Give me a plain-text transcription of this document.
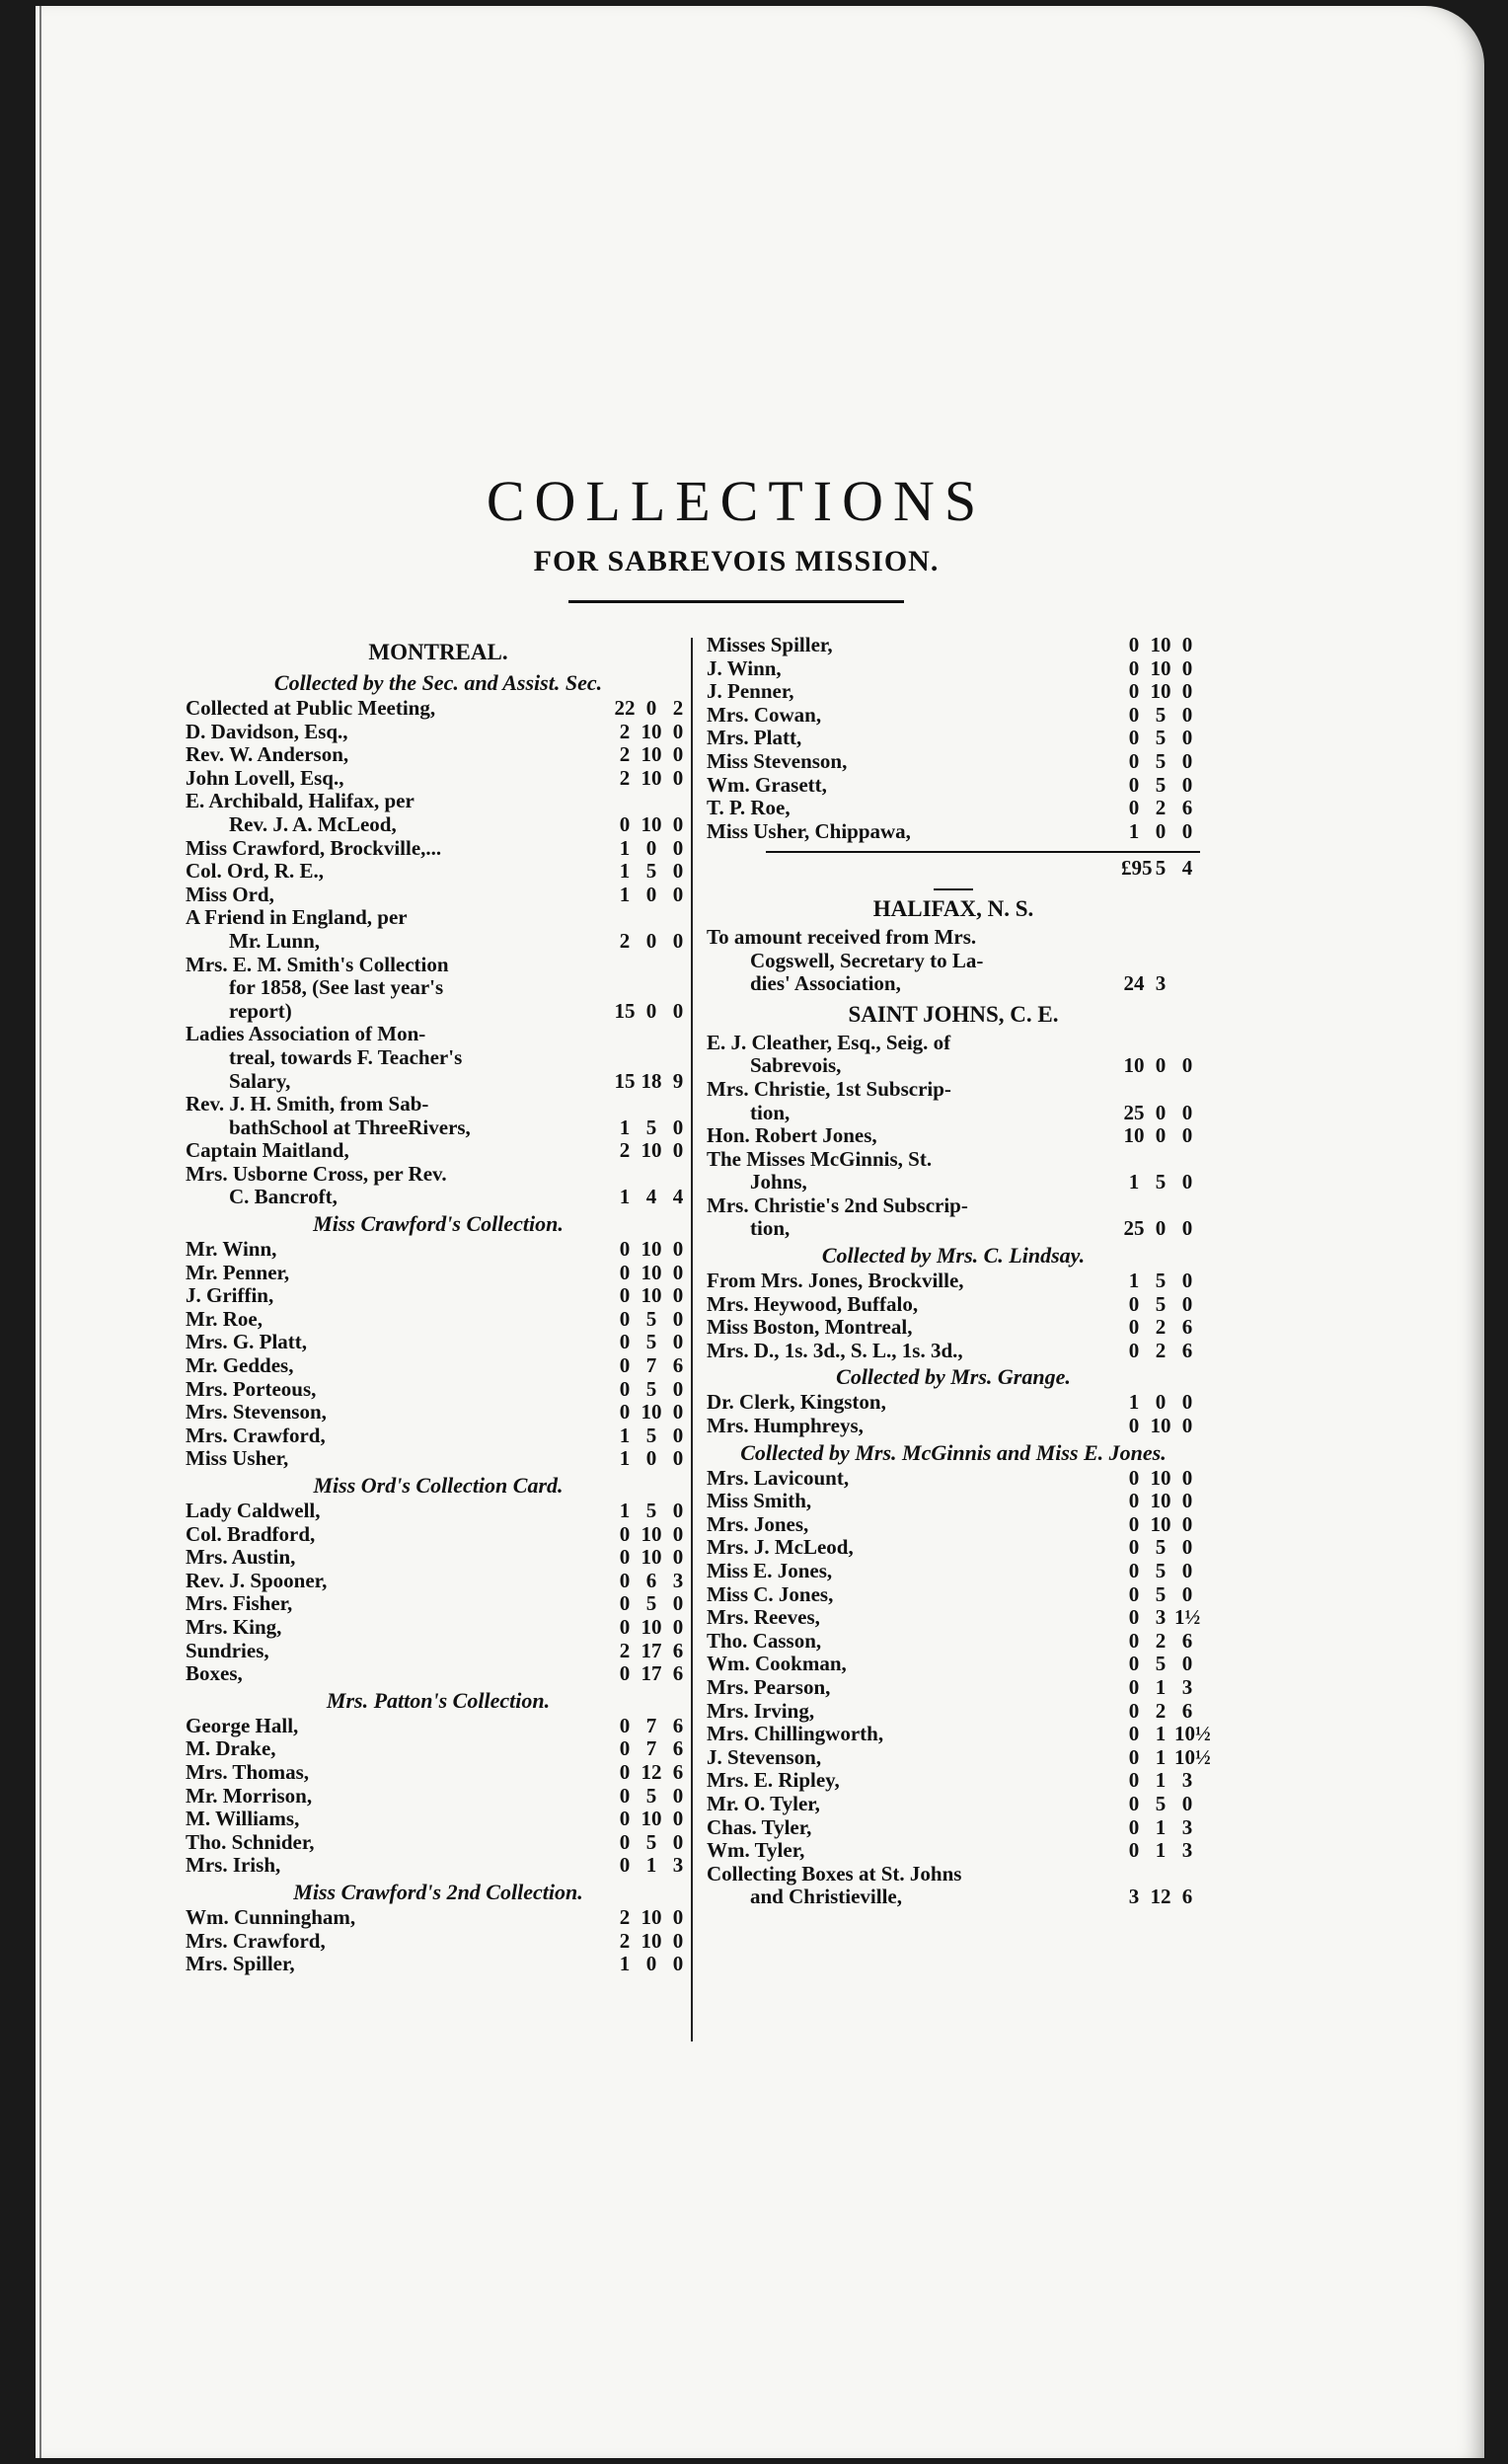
COLLECTIONS
FOR SABREVOIS MISSION.
MONTREAL.
Collected by the Sec. and Assist. Sec.
Collected at Public Meeting,	22 0 2
D. Davidson, Esq.,	2 10 0
Rev. W. Anderson,	2 10 0
John Lovell, Esq.,	2 10 0
E. Archibald, Halifax, per
Rev. J. A. McLeod,	0 10 0
Miss Crawford, Brockville,...	1 0 0
Col. Ord, R. E.,	1 5 0
Miss Ord,	1 0 0
A Friend in England, per
Mr. Lunn,	2 0 0
Mrs. E. M. Smith's Collection
for 1858, (See last year's
report)	15 0 0
Ladies Association of Mon-
treal, towards F. Teacher's
Salary,	15 18 9
Rev. J. H. Smith, from Sab-
bathSchool at ThreeRivers,	1 5 0
Captain Maitland,	2 10 0
Mrs. Usborne Cross, per Rev.
C. Bancroft,	1 4 4
Miss Crawford's Collection.
Mr. Winn,	0 10 0
Mr. Penner,	0 10 0
J. Griffin,	0 10 0
Mr. Roe,	0 5 0
Mrs. G. Platt,	0 5 0
Mr. Geddes,	0 7 6
Mrs. Porteous,	0 5 0
Mrs. Stevenson,	0 10 0
Mrs. Crawford,	1 5 0
Miss Usher,	1 0 0
Miss Ord's Collection Card.
Lady Caldwell,	1 5 0
Col. Bradford,	0 10 0
Mrs. Austin,	0 10 0
Rev. J. Spooner,	0 6 3
Mrs. Fisher,	0 5 0
Mrs. King,	0 10 0
Sundries,	2 17 6
Boxes,	0 17 6
Mrs. Patton's Collection.
George Hall,	0 7 6
M. Drake,	0 7 6
Mrs. Thomas,	0 12 6
Mr. Morrison,	0 5 0
M. Williams,	0 10 0
Tho. Schnider,	0 5 0
Mrs. Irish,	0 1 3
Miss Crawford's 2nd Collection.
Wm. Cunningham,	2 10 0
Mrs. Crawford,	2 10 0
Mrs. Spiller,	1 0 0
Misses Spiller,	0 10 0
J. Winn,	0 10 0
J. Penner,	0 10 0
Mrs. Cowan,	0 5 0
Mrs. Platt,	0 5 0
Miss Stevenson,	0 5 0
Wm. Grasett,	0 5 0
T. P. Roe,	0 2 6
Miss Usher, Chippawa,	1 0 0
£95 5 4
HALIFAX, N. S.
To amount received from Mrs.
Cogswell, Secretary to La-
dies' Association,	24 3
SAINT JOHNS, C. E.
E. J. Cleather, Esq., Seig. of
Sabrevois,	10 0 0
Mrs. Christie, 1st Subscrip-
tion,	25 0 0
Hon. Robert Jones,	10 0 0
The Misses McGinnis, St.
Johns,	1 5 0
Mrs. Christie's 2nd Subscrip-
tion,	25 0 0
Collected by Mrs. C. Lindsay.
From Mrs. Jones, Brockville,	1 5 0
Mrs. Heywood, Buffalo,	0 5 0
Miss Boston, Montreal,	0 2 6
Mrs. D., 1s. 3d., S. L., 1s. 3d.,	0 2 6
Collected by Mrs. Grange.
Dr. Clerk, Kingston,	1 0 0
Mrs. Humphreys,	0 10 0
Collected by Mrs. McGinnis and Miss E. Jones.
Mrs. Lavicount,	0 10 0
Miss Smith,	0 10 0
Mrs. Jones,	0 10 0
Mrs. J. McLeod,	0 5 0
Miss E. Jones,	0 5 0
Miss C. Jones,	0 5 0
Mrs. Reeves,	0 3 1½
Tho. Casson,	0 2 6
Wm. Cookman,	0 5 0
Mrs. Pearson,	0 1 3
Mrs. Irving,	0 2 6
Mrs. Chillingworth,	0 1 10½
J. Stevenson,	0 1 10½
Mrs. E. Ripley,	0 1 3
Mr. O. Tyler,	0 5 0
Chas. Tyler,	0 1 3
Wm. Tyler,	0 1 3
Collecting Boxes at St. Johns
and Christieville,	3 12 6
